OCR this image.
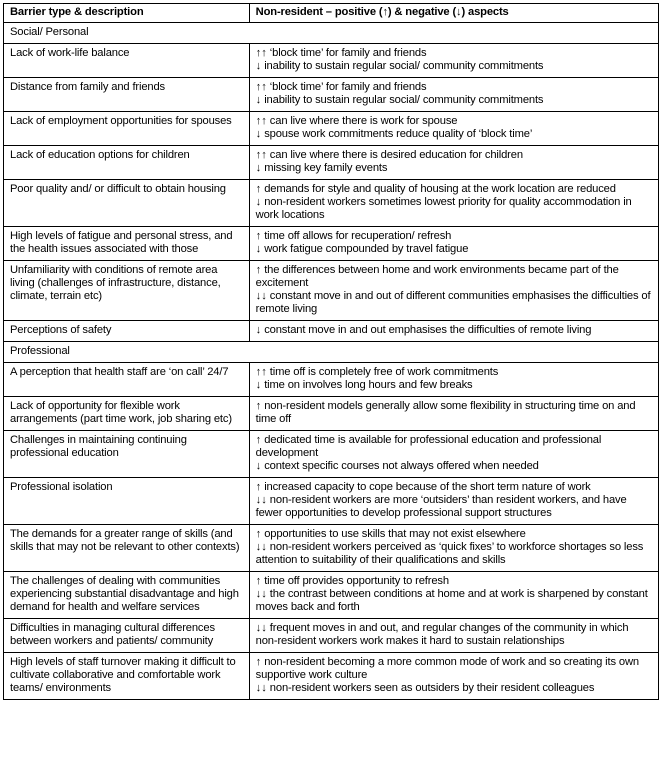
Barrier type & description	Non-resident – positive (↑) & negative (↓) aspects
Social/ Personal	
Lack of work-life balance	↑↑ ‘block time’ for family and friends
↓ inability to sustain regular social/ community commitments

Distance from family and friends	↑↑ ‘block time’ for family and friends
↓ inability to sustain regular social/ community commitments

Lack of employment opportunities for spouses	↑↑ can live where there is work for spouse
↓ spouse work commitments reduce quality of ‘block time’

Lack of education options for children	↑↑ can live where there is desired education for children
↓ missing key family events

Poor quality and/ or difficult to obtain housing	↑ demands for style and quality of housing at the work location are reduced
↓ non-resident workers sometimes lowest priority for quality accommodation in work locations

High levels of fatigue and personal stress, and the health issues associated with those	↑ time off allows for recuperation/ refresh
↓ work fatigue compounded by travel fatigue

Unfamiliarity with conditions of remote area living (challenges of infrastructure, distance, climate, terrain etc)	↑ the differences between home and work environments became part of the excitement
↓↓ constant move in and out of different communities emphasises the difficulties of remote living

Perceptions of safety	↓ constant move in and out emphasises the difficulties of remote living

Professional	
A perception that health staff are ‘on call’ 24/7	↑↑ time off is completely free of work commitments
↓ time on involves long hours and few breaks

Lack of opportunity for flexible work arrangements (part time work, job sharing etc)	↑ non-resident models generally allow some flexibility in structuring time on and time off

Challenges in maintaining continuing professional education	↑ dedicated time is available for professional education and professional development
↓ context specific courses not always offered when needed

Professional isolation	↑ increased capacity to cope because of the short term nature of work
↓↓ non-resident workers are more ‘outsiders’ than resident workers, and have fewer opportunities to develop professional support structures

The demands for a greater range of skills (and skills that may not be relevant to other contexts)	↑ opportunities to use skills that may not exist elsewhere
↓↓ non-resident workers perceived as ‘quick fixes’ to workforce shortages so less attention to suitability of their qualifications and skills

The challenges of dealing with communities experiencing substantial disadvantage and high demand for health and welfare services	↑ time off provides opportunity to refresh
↓↓ the contrast between conditions at home and at work is sharpened by constant moves back and forth

Difficulties in managing cultural differences between workers and patients/ community	↓↓ frequent moves in and out, and regular changes of the community in which non-resident workers work makes it hard to sustain relationships

High levels of staff turnover making it difficult to cultivate collaborative and comfortable work teams/ environments	↑ non-resident becoming a more common mode of work and so creating its own supportive work culture
↓↓ non-resident workers seen as outsiders by their resident colleagues
